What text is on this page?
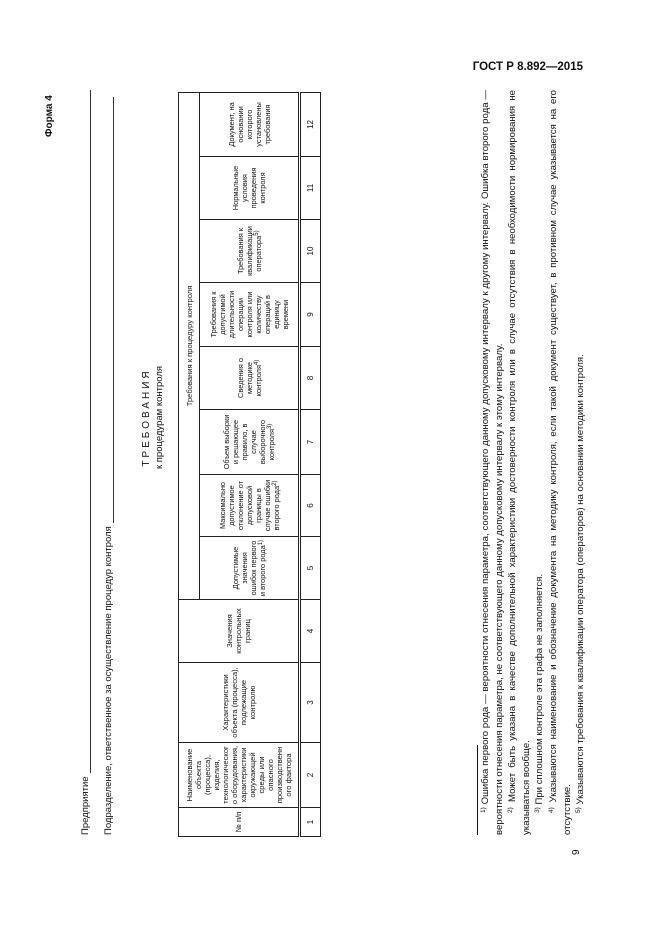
ГОСТ Р 8.892—2015
Форма 4
Предприятие Подразделение, ответственное за осуществление процедур контроля
ТРЕБОВАНИЯ к процедурам контроля
№ п/п	Наименование объекта (процесса), изделия, технологического оборудования, характеристики окружающей среды или опасного производственного фактора	Характеристики объекта (процесса), подлежащие контролю	Значения контрольных границ	Требования к процедуру контроля							
				Допустимые значения ошибок первого и второго рода$^{1)}$	Максимально допустимое отклонение от допусковой границы в случае ошибки второго рода$^{2)}$	Объем выборки и решающее правило, в случае выборочного контроля$^{3)}$	Сведения о методике контроля$^{4)}$	Требования к допустимой длительности операции контроля или количеству операций в единицу времени	Требования к квалификации оператора$^{5)}$	Нормальные условия проведения контроля	Документ, на основании которого установлены требования
1	2	3	4	5	6	7	8	9	10	11	12

$^{1)}$ Ошибка первого рода — вероятности отнесения параметра, соответствующего данному допусковому интервалу к другому интервалу. Ошибка второго рода — вероятности отнесения параметра, не соответствующего данному допусковому интервалу к этому интервалу. $^{2)}$ Может быть указана в качестве дополнительной характеристики достоверности контроля или в случае отсутствия в необходимости нормирования не указываться вообще. $^{3)}$ При сплошном контроле эта графа не заполняется.

$^{4)}$ Указываются наименование и обозначение документа на методику контроля, если такой документ существует, в противном случае указывается на его отсутствие. $^{5)}$ Указываются требования к квалификации оператора (операторов) на основании методики контроля.

9
